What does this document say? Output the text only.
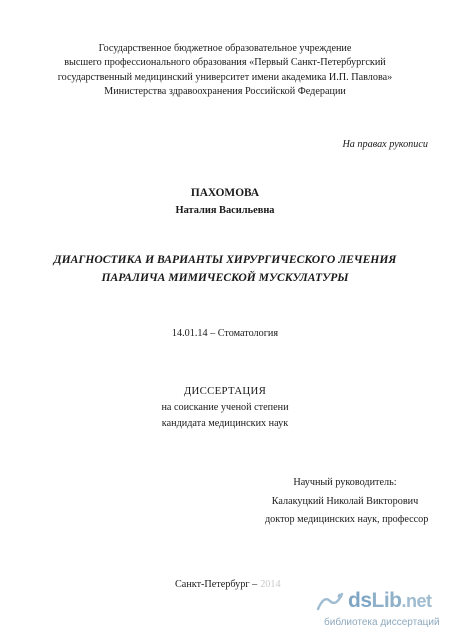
Государственное бюджетное образовательное учреждение
высшего профессионального образования «Первый Санкт-Петербургский
государственный медицинский университет имени академика И.П. Павлова»
Министерства здравоохранения Российской Федерации
На правах рукописи
ПАХОМОВА
Наталия Васильевна
ДИАГНОСТИКА И ВАРИАНТЫ ХИРУРГИЧЕСКОГО ЛЕЧЕНИЯ
ПАРАЛИЧА МИМИЧЕСКОЙ МУСКУЛАТУРЫ
14.01.14 – Стоматология
ДИССЕРТАЦИЯ
на соискание ученой степени
кандидата медицинских наук
Научный руководитель:
Калакуцкий Николай Викторович
доктор медицинских наук, профессор
Санкт-Петербург – 2014
dsLib.net
библиотека диссертаций
